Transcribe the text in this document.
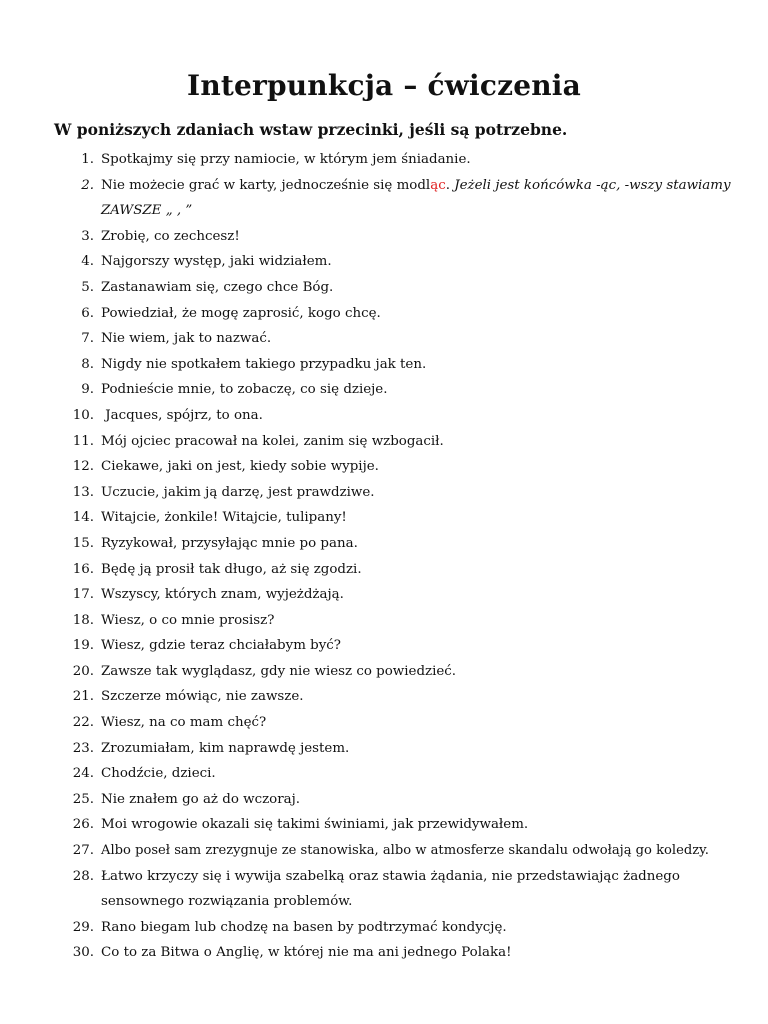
Interpunkcja – ćwiczenia
W poniższych zdaniach wstaw przecinki, jeśli są potrzebne.
1. Spotkajmy się przy namiocie, w którym jem śniadanie.
2. Nie możecie grać w karty, jednocześnie się modląc. Jeżeli jest końcówka -ąc, -wszy stawiamy
ZAWSZE „ , ”
3. Zrobię, co zechcesz!
4. Najgorszy występ, jaki widziałem.
5. Zastanawiam się, czego chce Bóg.
6. Powiedział, że mogę zaprosić, kogo chcę.
7. Nie wiem, jak to nazwać.
8. Nigdy nie spotkałem takiego przypadku jak ten.
9. Podnieście mnie, to zobaczę, co się dzieje.
10. Jacques, spójrz, to ona.
11. Mój ojciec pracował na kolei, zanim się wzbogacił.
12. Ciekawe, jaki on jest, kiedy sobie wypije.
13. Uczucie, jakim ją darzę, jest prawdziwe.
14. Witajcie, żonkile! Witajcie, tulipany!
15. Ryzykował, przysyłając mnie po pana.
16. Będę ją prosił tak długo, aż się zgodzi.
17. Wszyscy, których znam, wyjeżdżają.
18. Wiesz, o co mnie prosisz?
19. Wiesz, gdzie teraz chciałabym być?
20. Zawsze tak wyglądasz, gdy nie wiesz co powiedzieć.
21. Szczerze mówiąc, nie zawsze.
22. Wiesz, na co mam chęć?
23. Zrozumiałam, kim naprawdę jestem.
24. Chodźcie, dzieci.
25. Nie znałem go aż do wczoraj.
26. Moi wrogowie okazali się takimi świniami, jak przewidywałem.
27. Albo poseł sam zrezygnuje ze stanowiska, albo w atmosferze skandalu odwołają go koledzy.
28. Łatwo krzyczy się i wywija szabelką oraz stawia żądania, nie przedstawiając żadnego
sensownego rozwiązania problemów.
29. Rano biegam lub chodzę na basen by podtrzymać kondycję.
30. Co to za Bitwa o Anglię, w której nie ma ani jednego Polaka!
